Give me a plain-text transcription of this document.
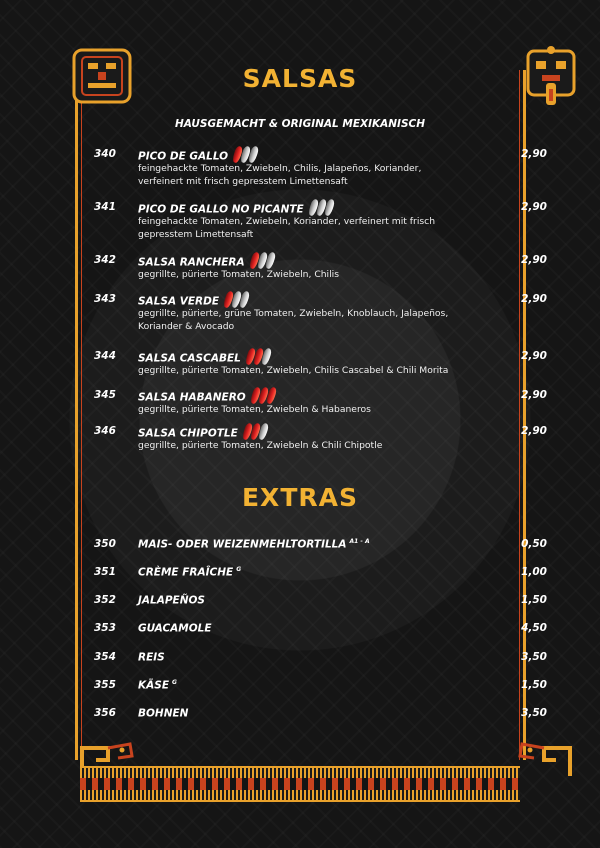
SALSAS
HAUSGEMACHT & ORIGINAL MEXIKANISCH
340 PICO DE GALLO	2,90
feingehackte Tomaten, Zwiebeln, Chilis, Jalapeños, Koriander, verfeinert mit frisch gepresstem Limettensaft
341 PICO DE GALLO NO PICANTE	2,90
feingehackte Tomaten, Zwiebeln, Koriander, verfeinert mit frisch gepresstem Limettensaft
342 SALSA RANCHERA	2,90
gegrillte, pürierte Tomaten, Zwiebeln, Chilis
343 SALSA VERDE	2,90
gegrillte, pürierte, grüne Tomaten, Zwiebeln, Knoblauch, Jalapeños, Koriander & Avocado
344 SALSA CASCABEL	2,90
gegrillte, pürierte Tomaten, Zwiebeln, Chilis Cascabel & Chili Morita
345 SALSA HABANERO	2,90
gegrillte, pürierte Tomaten, Zwiebeln & Habaneros
346 SALSA CHIPOTLE	2,90
gegrillte, pürierte Tomaten, Zwiebeln & Chili Chipotle
EXTRAS
350 MAIS- ODER WEIZENMEHLTORTILLA $^{A1 - A}$	0,50
351 CRÈME FRAÎCHE $^G$	1,00
352 JALAPEÑOS	1,50
353 GUACAMOLE	4,50
354 REIS	3,50
355 KÄSE $^G$	1,50
356 BOHNEN	3,50
